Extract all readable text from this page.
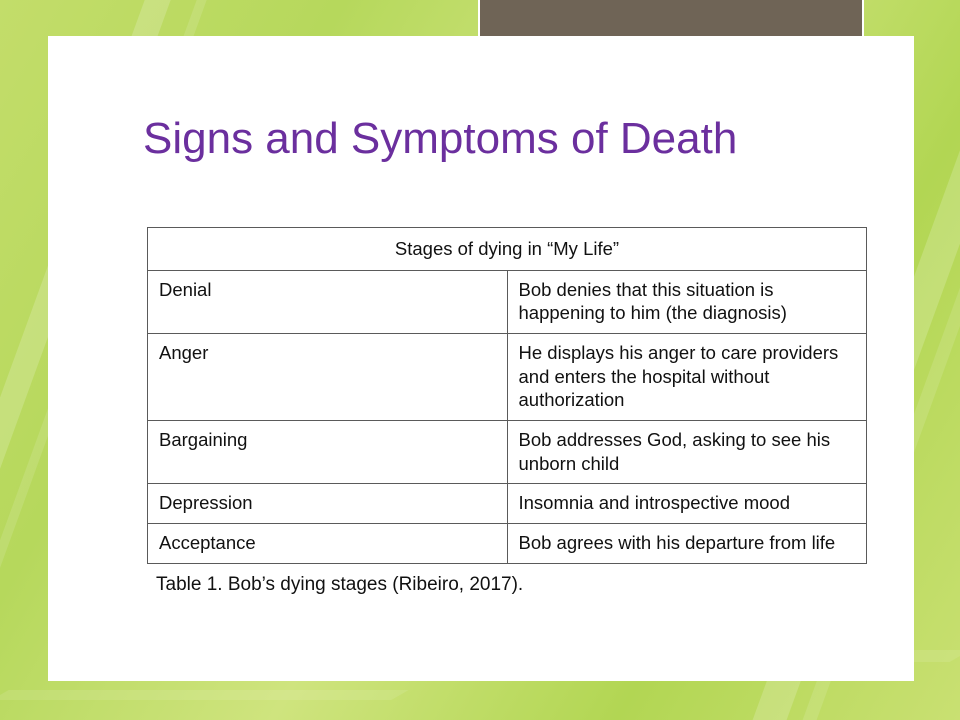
Signs and Symptoms of Death
Stages of dying in “My Life”	
Denial	Bob denies that this situation is happening to him (the diagnosis)
Anger	He displays his anger to care providers and enters the hospital without authorization
Bargaining	Bob addresses God, asking to see his unborn child
Depression	Insomnia and introspective mood
Acceptance	Bob agrees with his departure from life
Table 1. Bob’s dying stages (Ribeiro, 2017).
